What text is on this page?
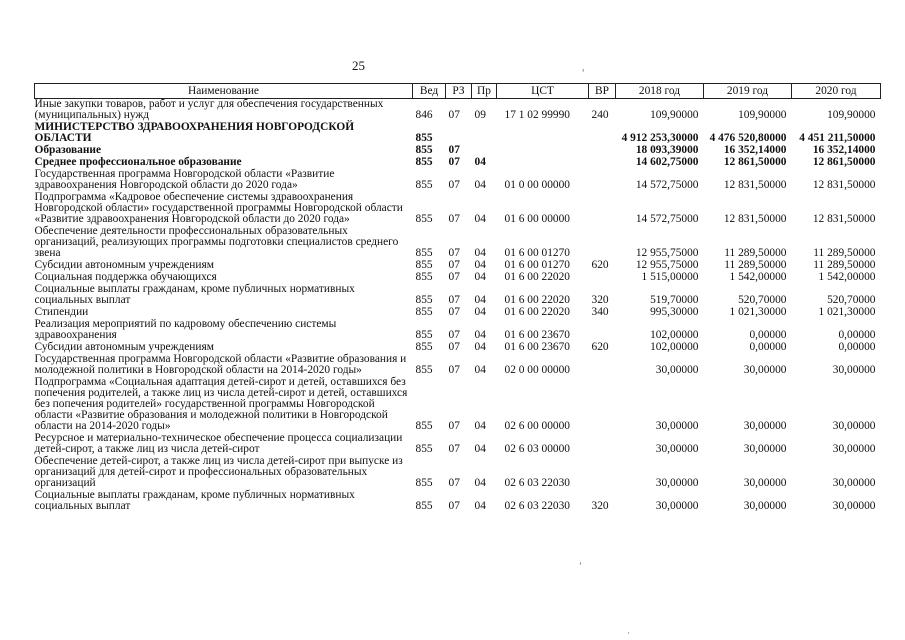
25	ᵌ
ʼ
·
Наименование	Вед	РЗ	Пр	ЦСТ	ВР	2018 год	2019 год	2020 год
Иные закупки товаров, работ и услуг для обеспечения государственных (муниципальных) нужд	846	07	09	17 1 02 99990	240	109,90000	109,90000	109,90000
МИНИСТЕРСТВО ЗДРАВООХРАНЕНИЯ НОВГОРОДСКОЙ ОБЛАСТИ	855					4 912 253,30000	4 476 520,80000	4 451 211,50000
Образование	855	07				18 093,39000	16 352,14000	16 352,14000
Среднее профессиональное образование	855	07	04			14 602,75000	12 861,50000	12 861,50000
Государственная программа Новгородской области «Развитие здравоохранения Новгородской области до 2020 года»	855	07	04	01 0 00 00000		14 572,75000	12 831,50000	12 831,50000
Подпрограмма «Кадровое обеспечение системы здравоохранения Новгородской области» государственной программы Новгородской области «Развитие здравоохранения Новгородской области до 2020 года»	855	07	04	01 6 00 00000		14 572,75000	12 831,50000	12 831,50000
Обеспечение деятельности профессиональных образовательных организаций, реализующих программы подготовки специалистов среднего звена	855	07	04	01 6 00 01270		12 955,75000	11 289,50000	11 289,50000
Субсидии автономным учреждениям	855	07	04	01 6 00 01270	620	12 955,75000	11 289,50000	11 289,50000
Социальная поддержка обучающихся	855	07	04	01 6 00 22020		1 515,00000	1 542,00000	1 542,00000
Социальные выплаты гражданам, кроме публичных нормативных социальных выплат	855	07	04	01 6 00 22020	320	519,70000	520,70000	520,70000
Стипендии	855	07	04	01 6 00 22020	340	995,30000	1 021,30000	1 021,30000
Реализация мероприятий по кадровому обеспечению системы здравоохранения	855	07	04	01 6 00 23670		102,00000	0,00000	0,00000
Субсидии автономным учреждениям	855	07	04	01 6 00 23670	620	102,00000	0,00000	0,00000
Государственная программа Новгородской области «Развитие образования и молодежной политики в Новгородской области на 2014-2020 годы»	855	07	04	02 0 00 00000		30,00000	30,00000	30,00000
Подпрограмма «Социальная адаптация детей-сирот и детей, оставшихся без попечения родителей, а также лиц из числа детей-сирот и детей, оставшихся без попечения родителей» государственной программы Новгородской области «Развитие образования и молодежной политики в Новгородской области на 2014-2020 годы»	855	07	04	02 6 00 00000		30,00000	30,00000	30,00000
Ресурсное и материально-техническое обеспечение процесса социализации детей-сирот, а также лиц из числа детей-сирот	855	07	04	02 6 03 00000		30,00000	30,00000	30,00000
Обеспечение детей-сирот, а также лиц из числа детей-сирот при выпуске из организаций для детей-сирот и профессиональных образовательных организаций	855	07	04	02 6 03 22030		30,00000	30,00000	30,00000
Социальные выплаты гражданам, кроме публичных нормативных социальных выплат	855	07	04	02 6 03 22030	320	30,00000	30,00000	30,00000
